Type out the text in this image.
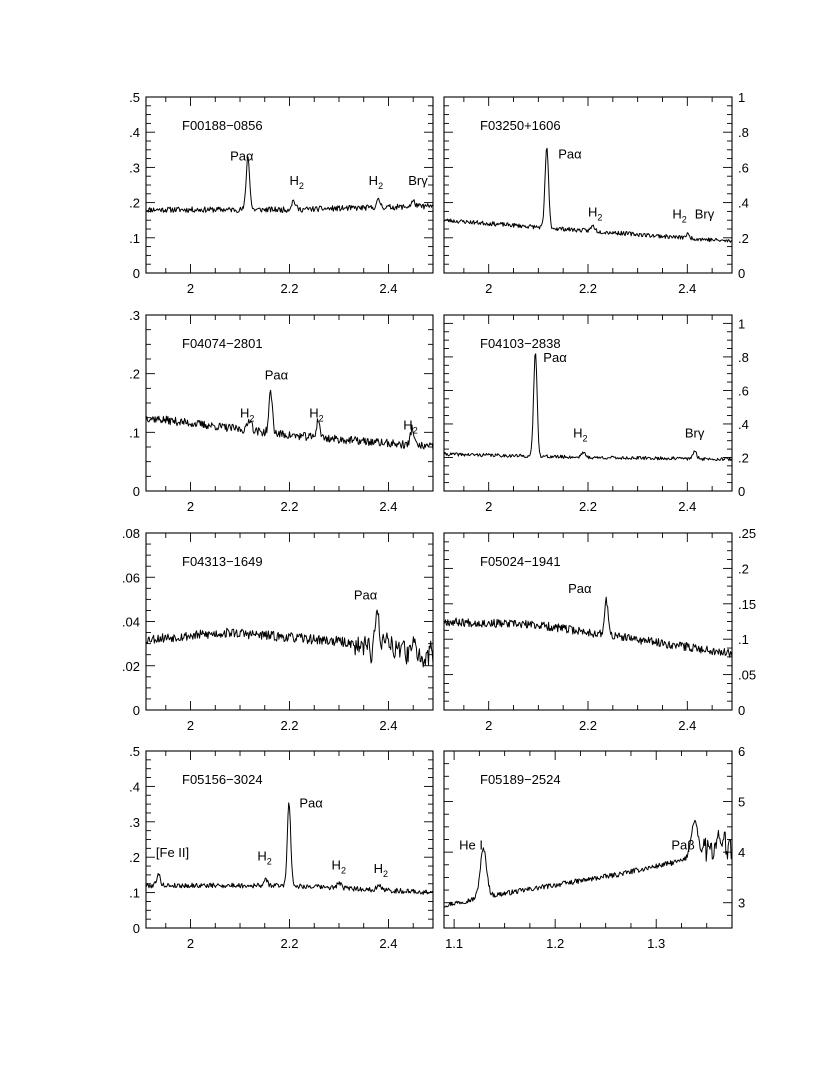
2	2.2	2.4
0
.1
.2
.3
.4
.5
F00188−0856
Paα
$H_2$	$H_2$ Brγ
2	2.2	2.4
0
.2
.4
.6
.8
1
F03250+1606
Paα
$H_2$	$H_2$ Brγ
2	2.2	2.4
0
.1
.2
.3
F04074−2801
Paα
$H_2$	$H_2$	$H_2$
2	2.2	2.4
0
.2
.4
.6
.8
1
F04103−2838
Paα
$H_2$	Brγ
2	2.2	2.4
0
.02
.04
.06
.08
F04313−1649
Paα
2	2.2	2.4
0
.05
.1
.15
.2
.25
F05024−1941
Paα
2	2.2	2.4
0
.1
.2
.3
.4
.5
F05156−3024
[Fe II]
Paα
$H_2$	$H_2$ $H_2$
1.1	1.2	1.3
3
4
5
6
F05189−2524
He I	Paβ
